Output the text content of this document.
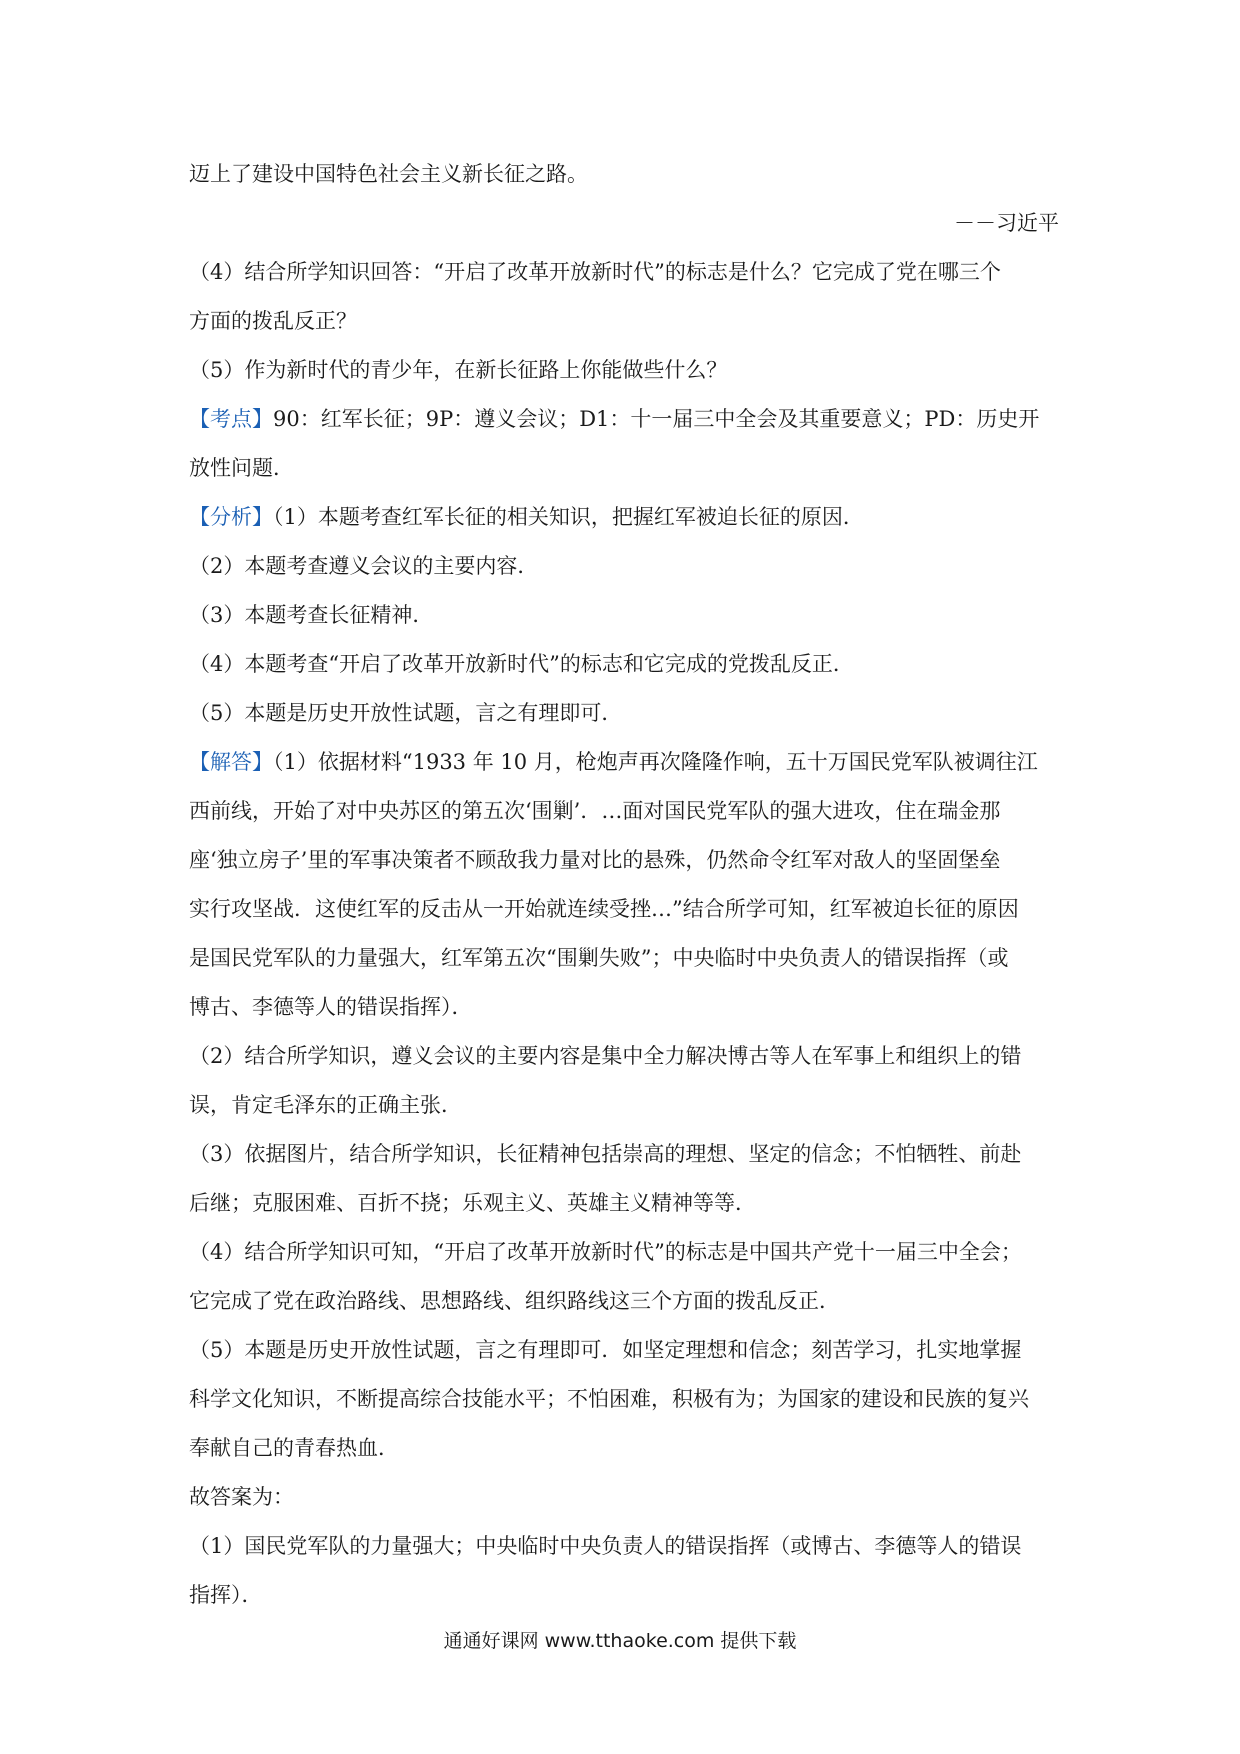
迈上了建设中国特色社会主义新长征之路。
－－习近平
（4）结合所学知识回答：“开启了改革开放新时代”的标志是什么？它完成了党在哪三个
方面的拨乱反正？
（5）作为新时代的青少年，在新长征路上你能做些什么？
【考点】90：红军长征；9P：遵义会议；D1：十一届三中全会及其重要意义；PD：历史开
放性问题．
【分析】（1）本题考查红军长征的相关知识，把握红军被迫长征的原因．
（2）本题考查遵义会议的主要内容．
（3）本题考查长征精神．
（4）本题考查“开启了改革开放新时代”的标志和它完成的党拨乱反正．
（5）本题是历史开放性试题，言之有理即可．
【解答】（1）依据材料“1933 年 10 月，枪炮声再次隆隆作响，五十万国民党军队被调往江
西前线，开始了对中央苏区的第五次‘围剿’．…面对国民党军队的强大进攻，住在瑞金那
座‘独立房子’里的军事决策者不顾敌我力量对比的悬殊，仍然命令红军对敌人的坚固堡垒
实行攻坚战．这使红军的反击从一开始就连续受挫…”结合所学可知，红军被迫长征的原因
是国民党军队的力量强大，红军第五次“围剿失败”；中央临时中央负责人的错误指挥（或
博古、李德等人的错误指挥）．
（2）结合所学知识，遵义会议的主要内容是集中全力解决博古等人在军事上和组织上的错
误，肯定毛泽东的正确主张．
（3）依据图片，结合所学知识，长征精神包括崇高的理想、坚定的信念；不怕牺牲、前赴
后继；克服困难、百折不挠；乐观主义、英雄主义精神等等．
（4）结合所学知识可知，“开启了改革开放新时代”的标志是中国共产党十一届三中全会；
它完成了党在政治路线、思想路线、组织路线这三个方面的拨乱反正．
（5）本题是历史开放性试题，言之有理即可．如坚定理想和信念；刻苦学习，扎实地掌握
科学文化知识，不断提高综合技能水平；不怕困难，积极有为；为国家的建设和民族的复兴
奉献自己的青春热血．
故答案为：
（1）国民党军队的力量强大；中央临时中央负责人的错误指挥（或博古、李德等人的错误
指挥）．
通通好课网 www.tthaoke.com 提供下载
